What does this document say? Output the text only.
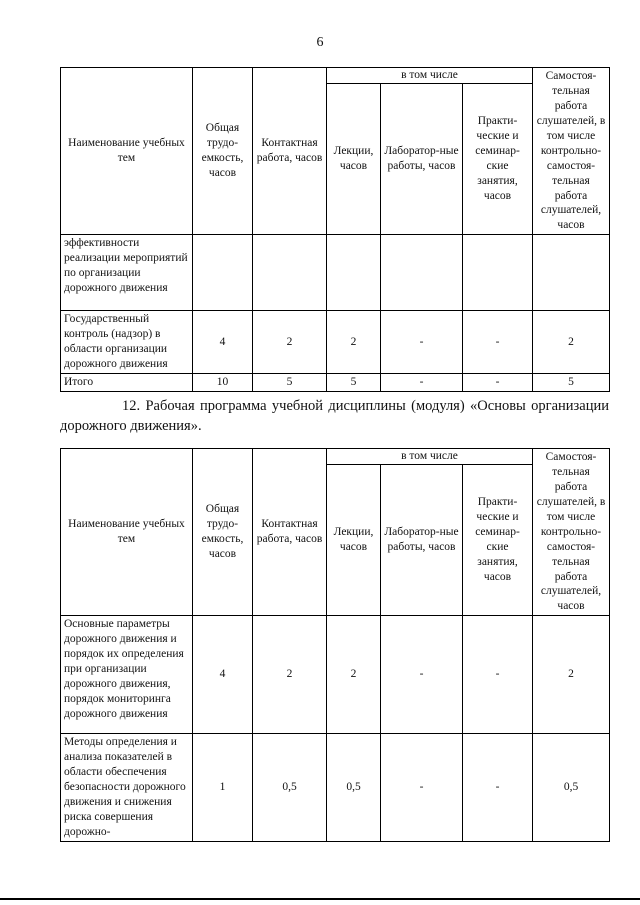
6
Наименование учебных тем	Общая трудо-емкость, часов	Контактная работа, часов	в том числе			Самостоя-тельная работа слушателей, в том числе контрольно-самостоя-тельная работа слушателей, часов
			Лекции, часов	Лаборатор-ные работы, часов	Практи-ческие и семинар-ские занятия, часов	
эффективности реализации мероприятий по организации дорожного движения						
Государственный контроль (надзор) в области организации дорожного движения	4	2	2	-	-	2
Итого	10	5	5	-	-	5
12. Рабочая программа учебной дисциплины (модуля) «Основы организации дорожного движения».
Наименование учебных тем	Общая трудо-емкость, часов	Контактная работа, часов	в том числе			Самостоя-тельная работа слушателей, в том числе контрольно-самостоя-тельная работа слушателей, часов
			Лекции, часов	Лаборатор-ные работы, часов	Практи-ческие и семинар-ские занятия, часов	
Основные параметры дорожного движения и порядок их определения при организации дорожного движения, порядок мониторинга дорожного движения	4	2	2	-	-	2
Методы определения и анализа показателей в области обеспечения безопасности дорожного движения и снижения риска совершения дорожно-	1	0,5	0,5	-	-	0,5
